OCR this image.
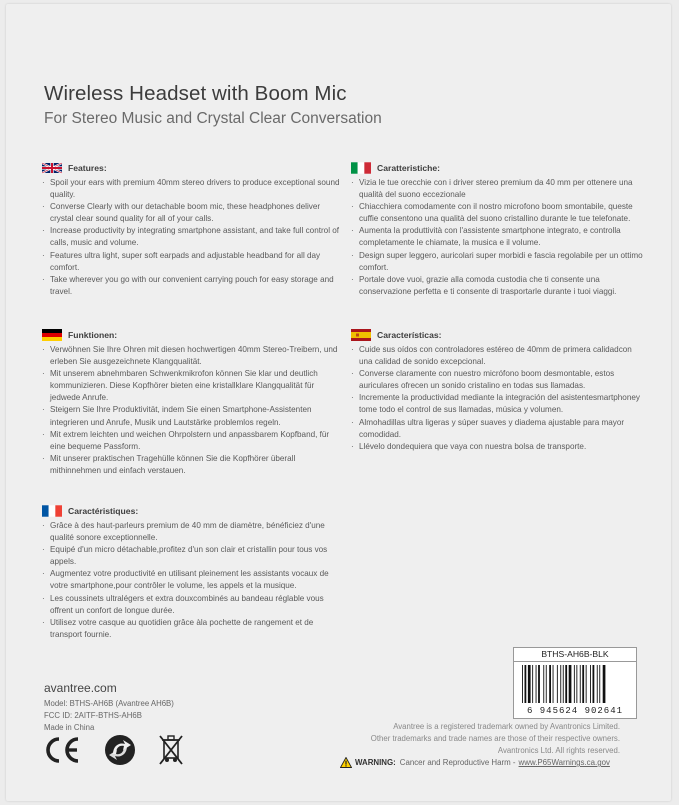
Wireless Headset with Boom Mic
For Stereo Music and Crystal Clear Conversation
Features:
· Spoil your ears with premium 40mm stereo drivers to produce exceptional sound quality.
· Converse Clearly with our detachable boom mic, these headphones deliver crystal clear sound quality for all of your calls.
· Increase productivity by integrating smartphone assistant, and take full control of calls, music and volume.
· Features ultra light, super soft earpads and adjustable headband for all day comfort.
· Take wherever you go with our convenient carrying pouch for easy storage and travel.
Funktionen:
· Verwöhnen Sie Ihre Ohren mit diesen hochwertigen 40mm Stereo-Treibern, und erleben Sie ausgezeichnete Klangqualität.
· Mit unserem abnehmbaren Schwenkmikrofon können Sie klar und deutlich kommunizieren. Diese Kopfhörer bieten eine kristallklare Klangqualität für jedwede Anrufe.
· Steigern Sie Ihre Produktivität, indem Sie einen Smartphone-Assistenten integrieren und Anrufe, Musik und Lautstärke problemlos regeln.
· Mit extrem leichten und weichen Ohrpolstern und anpassbarem Kopfband, für eine bequeme Passform.
· Mit unserer praktischen Tragehülle können Sie die Kopfhörer überall mithinnehmen und einfach verstauen.
Caractéristiques:
· Grâce à des haut-parleurs premium de 40 mm de diamètre, bénéficiez d'une qualité sonore exceptionnelle.
· Equipé d'un micro détachable,profitez d'un son clair et cristallin pour tous vos appels.
· Augmentez votre productivité en utilisant pleinement les assistants vocaux de votre smartphone,pour contrôler le volume, les appels et la musique.
· Les coussinets ultralégers et extra douxcombinés au bandeau réglable vous offrent un confort de longue durée.
· Utilisez votre casque au quotidien grâce àla pochette de rangement et de transport fournie.
Caratteristiche:
· Vizia le tue orecchie con i driver stereo premium da 40 mm per ottenere una qualità del suono eccezionale
· Chiacchiera comodamente con il nostro microfono boom smontabile, queste cuffie consentono una qualità del suono cristallino durante le tue telefonate.
· Aumenta la produttività con l'assistente smartphone integrato, e controlla completamente le chiamate, la musica e il volume.
· Design super leggero, auricolari super morbidi e fascia regolabile per un ottimo comfort.
· Portale dove vuoi, grazie alla comoda custodia che ti consente una conservazione perfetta e ti consente di trasportarle durante i tuoi viaggi.
Características:
· Cuide sus oídos con controladores estéreo de 40mm de primera calidadcon una calidad de sonido excepcional.
· Converse claramente con nuestro micrófono boom desmontable, estos auriculares ofrecen un sonido cristalino en todas sus llamadas.
· Incremente la productividad mediante la integración del asistentesmartphoney tome todo el control de sus llamadas, música y volumen.
· Almohadillas ultra ligeras y súper suaves y diadema ajustable para mayor comodidad.
· Llévelo dondequiera que vaya con nuestra bolsa de transporte.
avantree.com
Model: BTHS-AH6B (Avantree AH6B)
FCC ID: 2AITF-BTHS-AH6B
Made in China
BTHS-AH6B-BLK
6 945624 902641
Avantree is a registered trademark owned by Avantronics Limited.
Other trademarks and trade names are those of their respective owners.
Avantronics Ltd. All rights reserved.
WARNING: Cancer and Reproductive Harm - www.P65Warnings.ca.gov
